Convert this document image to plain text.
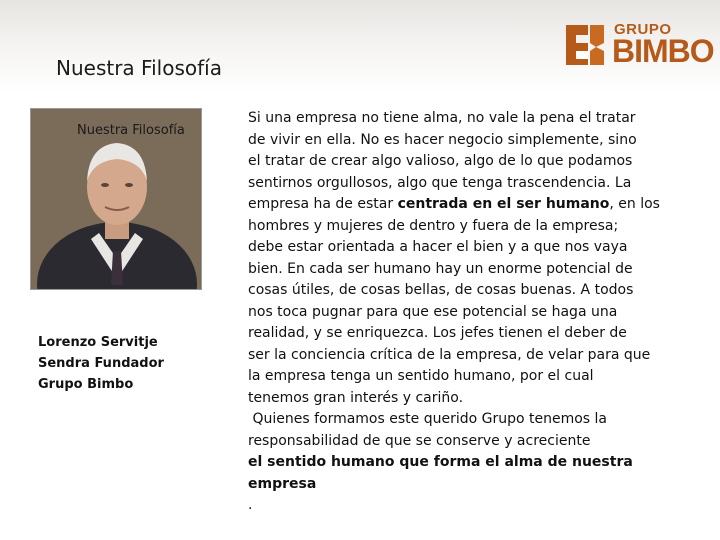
Nuestra Filosofía
GRUPO
BIMBO
Nuestra Filosofía
Lorenzo Servitje
Sendra Fundador
Grupo Bimbo
Si una empresa no tiene alma, no vale la pena el tratar
de vivir en ella. No es hacer negocio simplemente, sino
el tratar de crear algo valioso, algo de lo que podamos
sentirnos orgullosos, algo que tenga trascendencia. La
empresa ha de estar centrada en el ser humano, en los
hombres y mujeres de dentro y fuera de la empresa;
debe estar orientada a hacer el bien y a que nos vaya
bien. En cada ser humano hay un enorme potencial de
cosas útiles, de cosas bellas, de cosas buenas. A todos
nos toca pugnar para que ese potencial se haga una
realidad, y se enriquezca. Los jefes tienen el deber de
ser la conciencia crítica de la empresa, de velar para que
la empresa tenga un sentido humano, por el cual
tenemos gran interés y cariño.
Quienes formamos este querido Grupo tenemos la
responsabilidad de que se conserve y acreciente
el sentido humano que forma el alma de nuestra
empresa
.
